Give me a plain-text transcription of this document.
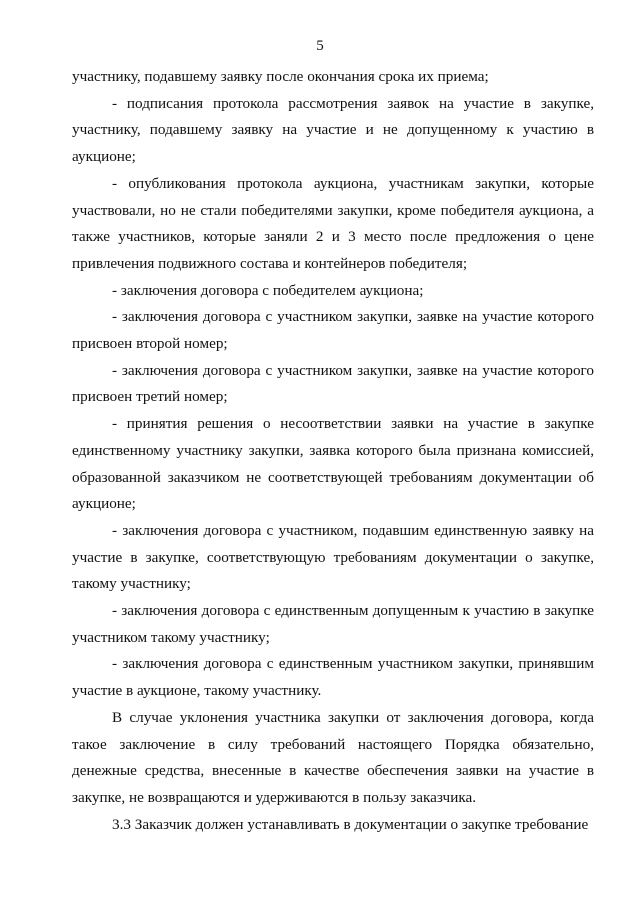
5

участнику, подавшему заявку после окончания срока их приема;

- подписания протокола рассмотрения заявок на участие в закупке, участнику, подавшему заявку на участие и не допущенному к участию в аукционе;

- опубликования протокола аукциона, участникам закупки, которые участвовали, но не стали победителями закупки, кроме победителя аукциона, а также участников, которые заняли 2 и 3 место после предложения о цене привлечения подвижного состава и контейнеров победителя;

- заключения договора с победителем аукциона;

- заключения договора с участником закупки, заявке на участие которого присвоен второй номер;

- заключения договора с участником закупки, заявке на участие которого присвоен третий номер;

- принятия решения о несоответствии заявки на участие в закупке единственному участнику закупки, заявка которого была признана комиссией, образованной заказчиком не соответствующей требованиям документации об аукционе;

- заключения договора с участником, подавшим единственную заявку на участие в закупке, соответствующую требованиям документации о закупке, такому участнику;

- заключения договора с единственным допущенным к участию в закупке участником такому участнику;

- заключения договора с единственным участником закупки, принявшим участие в аукционе, такому участнику.

В случае уклонения участника закупки от заключения договора, когда такое заключение в силу требований настоящего Порядка обязательно, денежные средства, внесенные в качестве обеспечения заявки на участие в закупке, не возвращаются и удерживаются в пользу заказчика.

3.3 Заказчик должен устанавливать в документации о закупке требование
